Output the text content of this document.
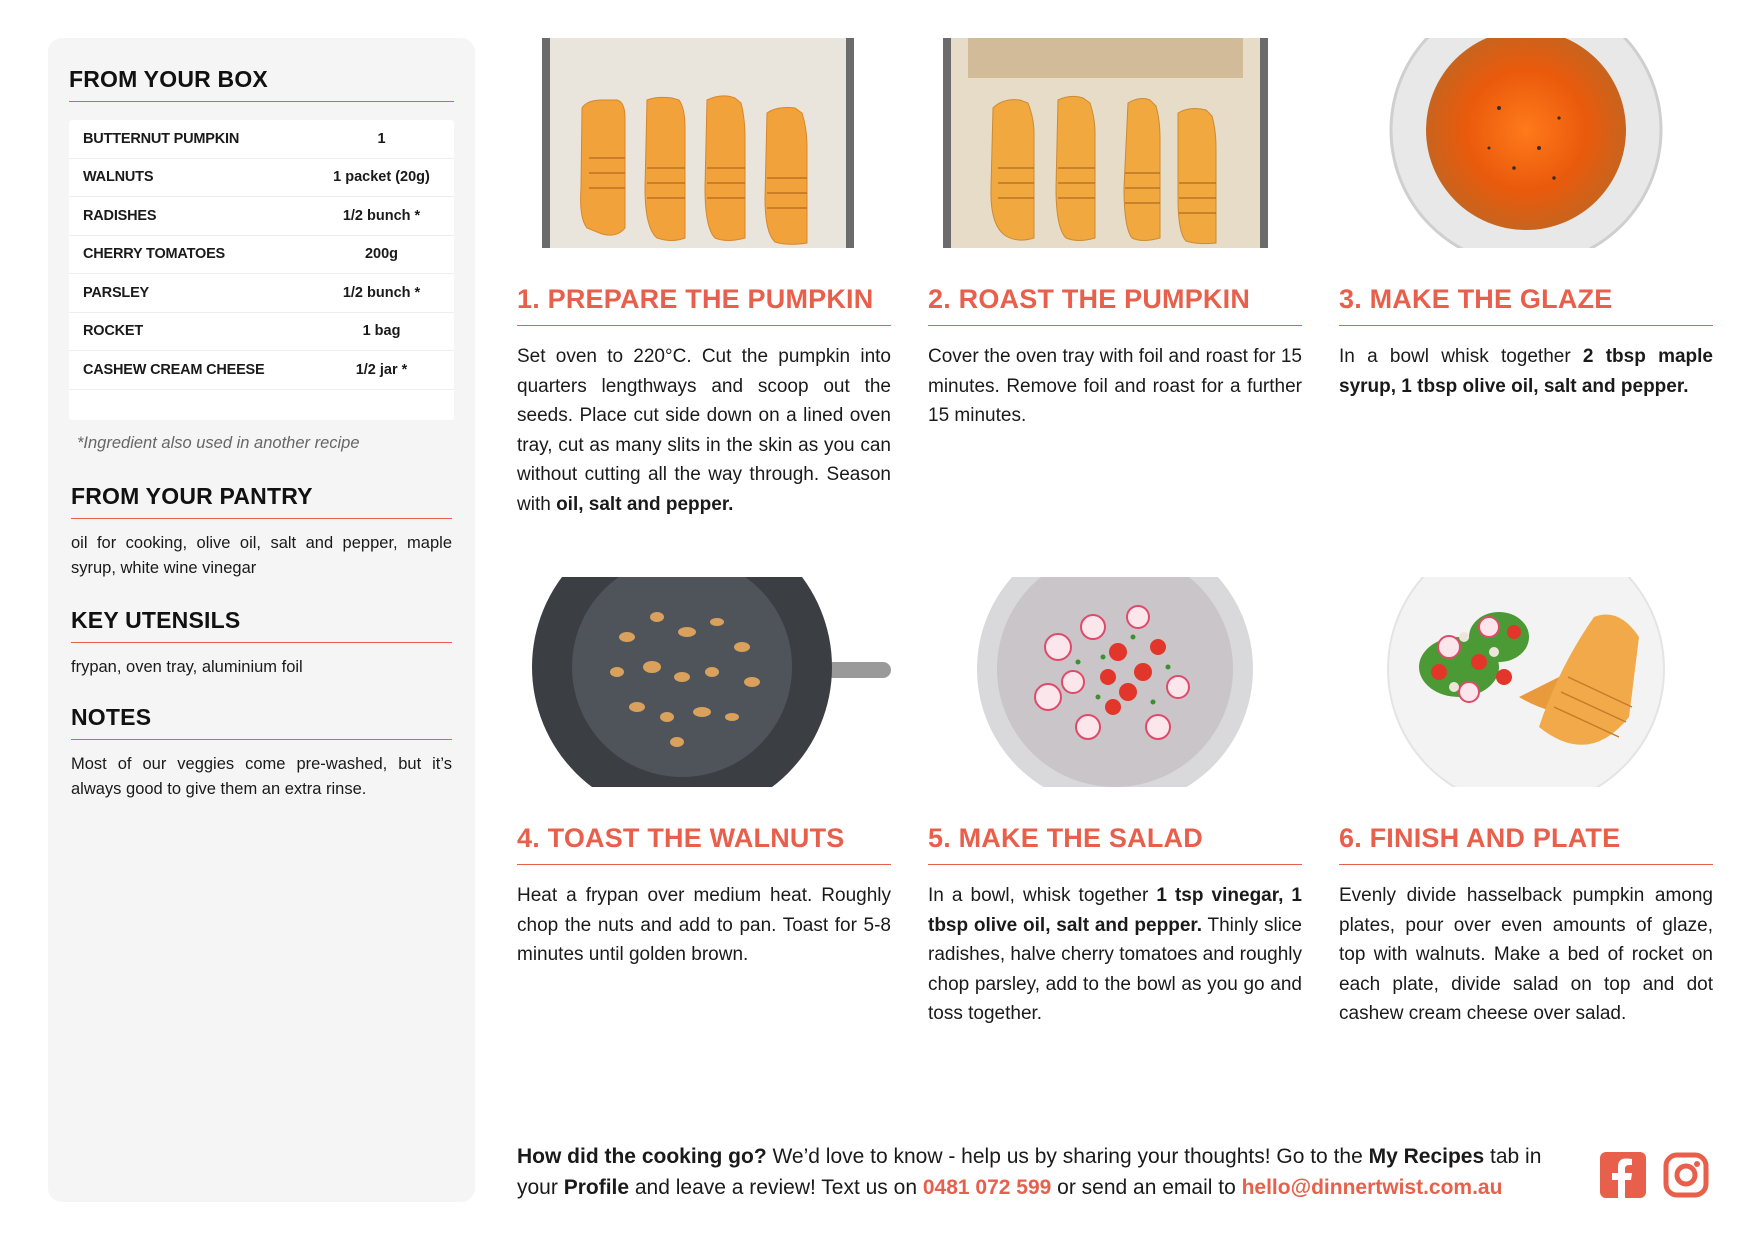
FROM YOUR BOX
BUTTERNUT PUMPKIN	1
WALNUTS	1 packet (20g)
RADISHES	1/2 bunch *
CHERRY TOMATOES	200g
PARSLEY	1/2 bunch *
ROCKET	1 bag
CASHEW CREAM CHEESE	1/2 jar *
*Ingredient also used in another recipe
FROM YOUR PANTRY
oil for cooking, olive oil, salt and pepper, maple syrup, white wine vinegar
KEY UTENSILS
frypan, oven tray, aluminium foil
NOTES
Most of our veggies come pre-washed, but it’s always good to give them an extra rinse.
1. PREPARE THE PUMPKIN
Set oven to 220°C. Cut the pumpkin into quarters lengthways and scoop out the seeds. Place cut side down on a lined oven tray, cut as many slits in the skin as you can without cutting all the way through. Season with oil, salt and pepper.
2. ROAST THE PUMPKIN
Cover the oven tray with foil and roast for 15 minutes. Remove foil and roast for a further 15 minutes.
3. MAKE THE GLAZE
In a bowl whisk together 2 tbsp maple syrup, 1 tbsp olive oil, salt and pepper.
4. TOAST THE WALNUTS
Heat a frypan over medium heat. Roughly chop the nuts and add to pan. Toast for 5-8 minutes until golden brown.
5. MAKE THE SALAD
In a bowl, whisk together 1 tsp vinegar, 1 tbsp olive oil, salt and pepper. Thinly slice radishes, halve cherry tomatoes and roughly chop parsley, add to the bowl as you go and toss together.
6. FINISH AND PLATE
Evenly divide hasselback pumpkin among plates, pour over even amounts of glaze, top with walnuts. Make a bed of rocket on each plate, divide salad on top and dot cashew cream cheese over salad.
How did the cooking go? We’d love to know - help us by sharing your thoughts! Go to the My Recipes tab in your Profile and leave a review! Text us on 0481 072 599 or send an email to hello@dinnertwist.com.au
